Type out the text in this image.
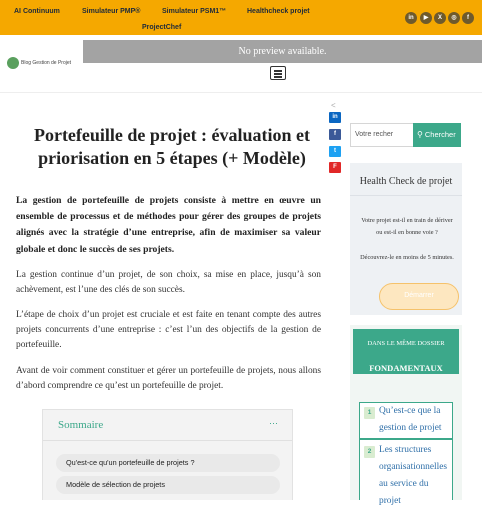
AI Continuum	Simulateur PMP®	Simulateur PSM1™	Healthcheck projet
ProjectChef
in	▶	X	◎	f
Blog Gestion de Projet
No preview available.
<
in
f
t
F
Portefeuille de projet : évaluation et priorisation en 5 étapes (+ Modèle)

La gestion de portefeuille de projets consiste à mettre en œuvre un ensemble de processus et de méthodes pour gérer des groupes de projets alignés avec la stratégie d’une entreprise, afin de maximiser sa valeur globale et donc le succès de ses projets.

La gestion continue d’un projet, de son choix, sa mise en place, jusqu’à son achèvement, est l’une des clés de son succès.

L’étape de choix d’un projet est cruciale et est faite en tenant compte des autres projets concurrents d’une entreprise : c’est l’un des objectifs de la gestion de portefeuille.

Avant de voir comment constituer et gérer un portefeuille de projets, nous allons d’abord comprendre ce qu’est un portefeuille de projet.

Sommaire	⋯
Qu'est-ce qu'un portefeuille de projets ?
Modèle de sélection de projets
Votre recher	⚲ Chercher
Health Check de projet
Votre projet est-il en train de dériver ou est-il en bonne voie ?
Découvrez-le en moins de 5 minutes.
Démarrer
DANS LE MÊME DOSSIER
FONDAMENTAUX
1 Qu’est-ce que la gestion de projet
2 Les structures organisationnelles au service du projet
